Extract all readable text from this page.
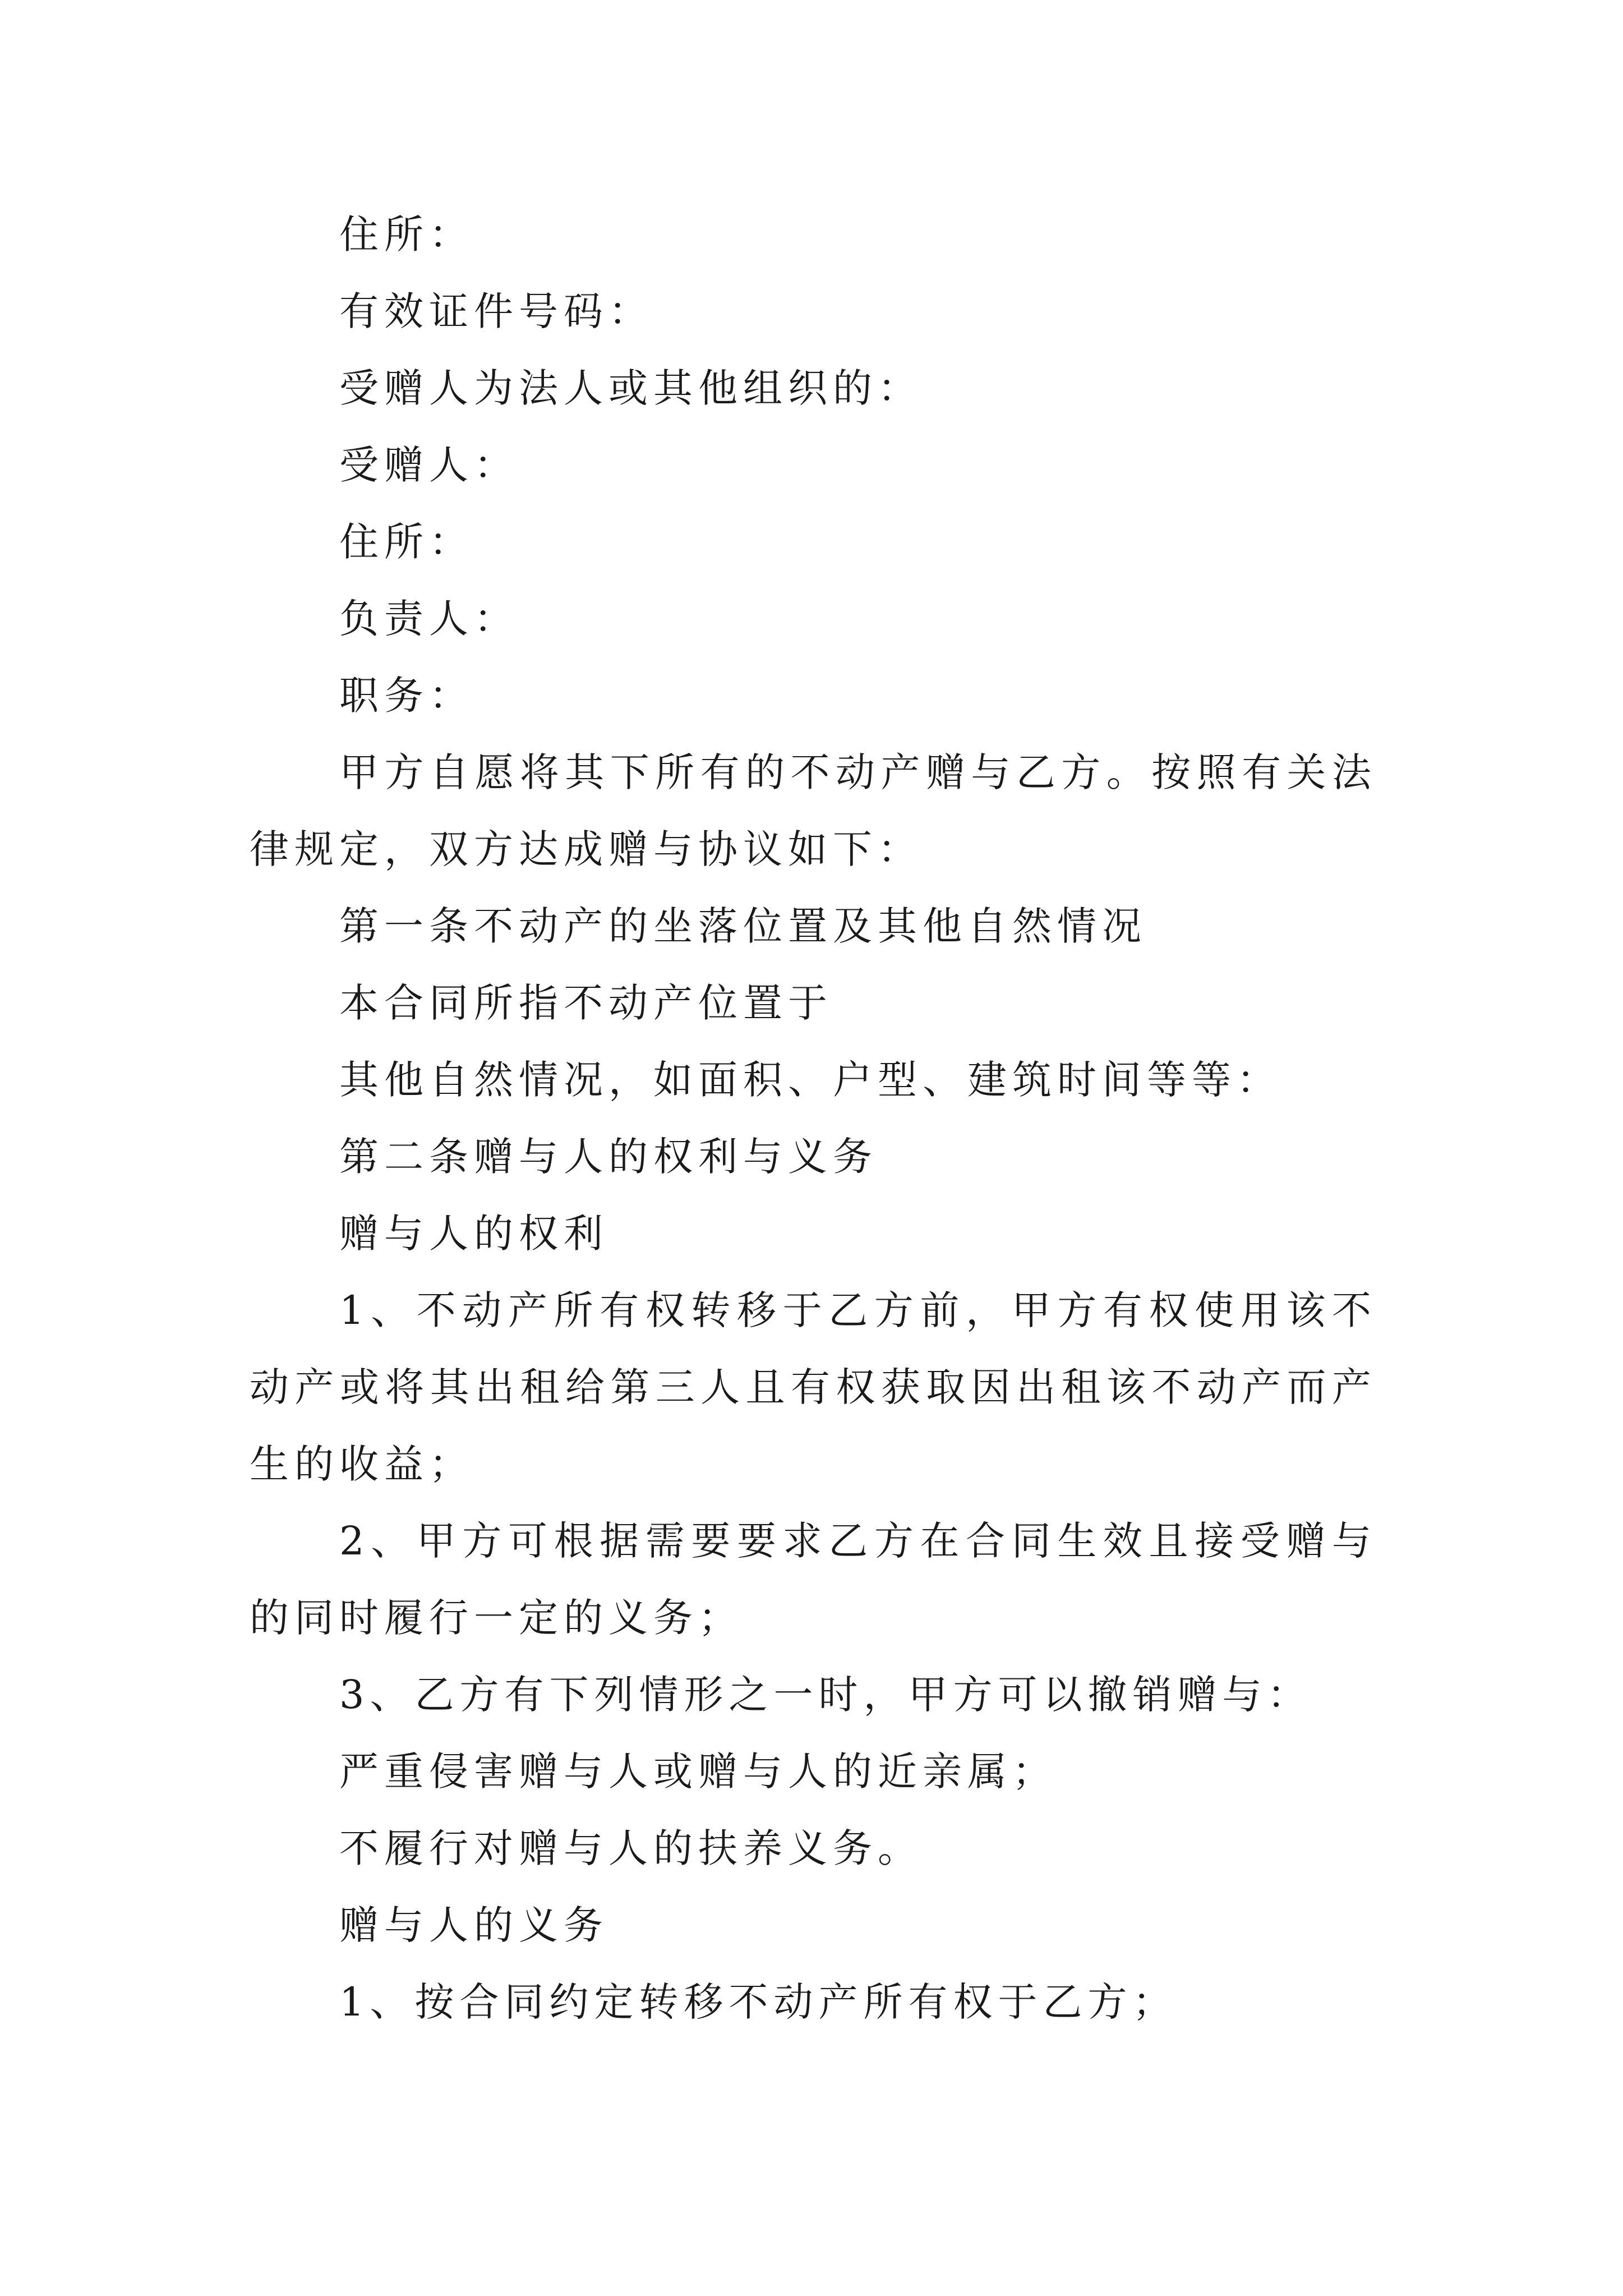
住所：

有效证件号码：

受赠人为法人或其他组织的：

受赠人：

住所：

负责人：

职务：

甲方自愿将其下所有的不动产赠与乙方。按照有关法律规定，双方达成赠与协议如下：

第一条不动产的坐落位置及其他自然情况

本合同所指不动产位置于

其他自然情况，如面积、户型、建筑时间等等：

第二条赠与人的权利与义务

赠与人的权利

1、不动产所有权转移于乙方前，甲方有权使用该不动产或将其出租给第三人且有权获取因出租该不动产而产生的收益；

2、甲方可根据需要要求乙方在合同生效且接受赠与的同时履行一定的义务；

3、乙方有下列情形之一时，甲方可以撤销赠与：

严重侵害赠与人或赠与人的近亲属；

不履行对赠与人的扶养义务。

赠与人的义务

1、按合同约定转移不动产所有权于乙方；
